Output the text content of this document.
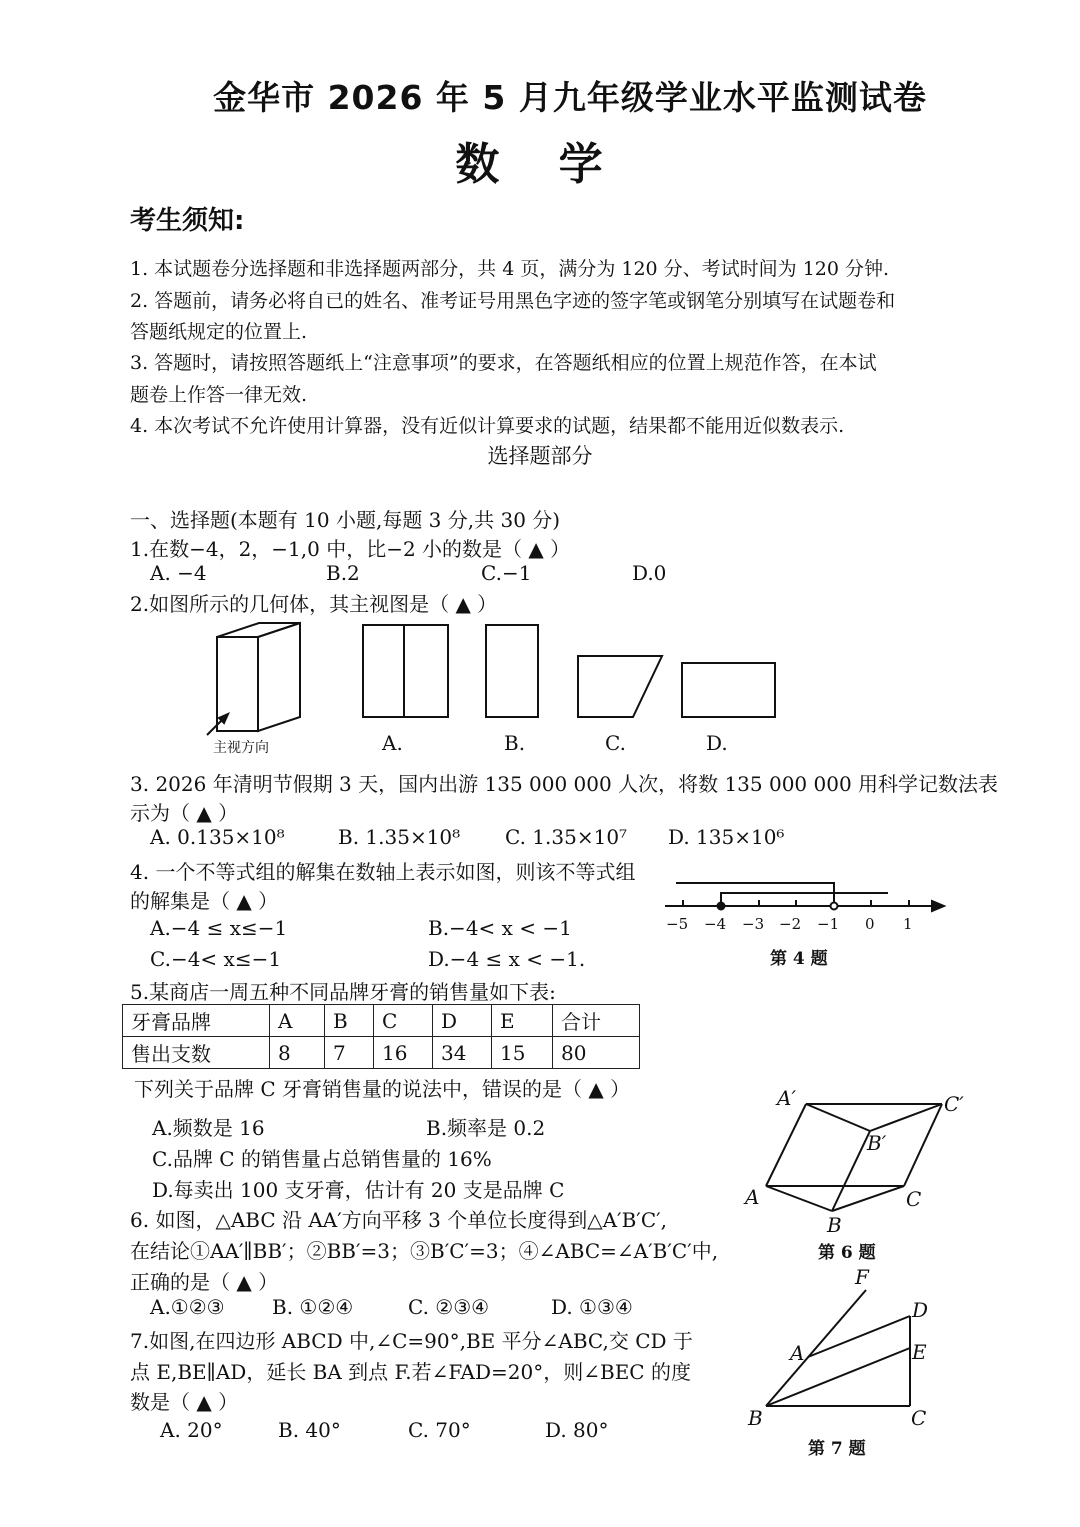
金华市 2026 年 5 月九年级学业水平监测试卷
数 学
考生须知:
1. 本试题卷分选择题和非选择题两部分，共 4 页，满分为 120 分、考试时间为 120 分钟.
2. 答题前，请务必将自已的姓名、准考证号用黑色字迹的签字笔或钢笔分别填写在试题卷和
答题纸规定的位置上.
3. 答题时，请按照答题纸上“注意事项”的要求，在答题纸相应的位置上规范作答，在本试
题卷上作答一律无效.
4. 本次考试不允许使用计算器，没有近似计算要求的试题，结果都不能用近似数表示.
选择题部分
一、选择题(本题有 10 小题,每题 3 分,共 30 分)
1.在数−4，2，−1,0 中，比−2 小的数是（ ▲ ）
A. −4	B.2	C.−1	D.0
2.如图所示的几何体，其主视图是（ ▲ ）
主视方向	A.	B.	C.	D.
3. 2026 年清明节假期 3 天，国内出游 135 000 000 人次，将数 135 000 000 用科学记数法表
示为（ ▲ ）
A. 0.135×10⁸	B. 1.35×10⁸ C. 1.35×10⁷ D. 135×10⁶
4. 一个不等式组的解集在数轴上表示如图，则该不等式组
的解集是（ ▲ ）
A.−4 ≤ x≤−1	B.−4< x < −1
C.−4< x≤−1	D.−4 ≤ x < −1.
−5 −4 −3 −2 −1 0 1
第 4 题
5.某商店一周五种不同品牌牙膏的销售量如下表:
牙膏品牌	A	B	C	D	E	合计
售出支数	8	7	16	34	15	80
下列关于品牌 C 牙膏销售量的说法中，错误的是（ ▲ ）
A.频数是 16	B.频率是 0.2
C.品牌 C 的销售量占总销售量的 16%
D.每卖出 100 支牙膏，估计有 20 支是品牌 C
6. 如图，△ABC 沿 AA′方向平移 3 个单位长度得到△A′B′C′,
在结论①AA′∥BB′；②BB′=3；③B′C′=3；④∠ABC=∠A′B′C′中,
正确的是（ ▲ ）
A.①②③ B. ①②④	C. ②③④	D. ①③④
A′	C′
B′
A	C
B
第 6 题
7.如图,在四边形 ABCD 中,∠C=90°,BE 平分∠ABC,交 CD 于
点 E,BE∥AD，延长 BA 到点 F.若∠FAD=20°，则∠BEC 的度
数是（ ▲ ）
A. 20°	B. 40°	C. 70°	D. 80°
F
D
A	E
B	C
第 7 题
